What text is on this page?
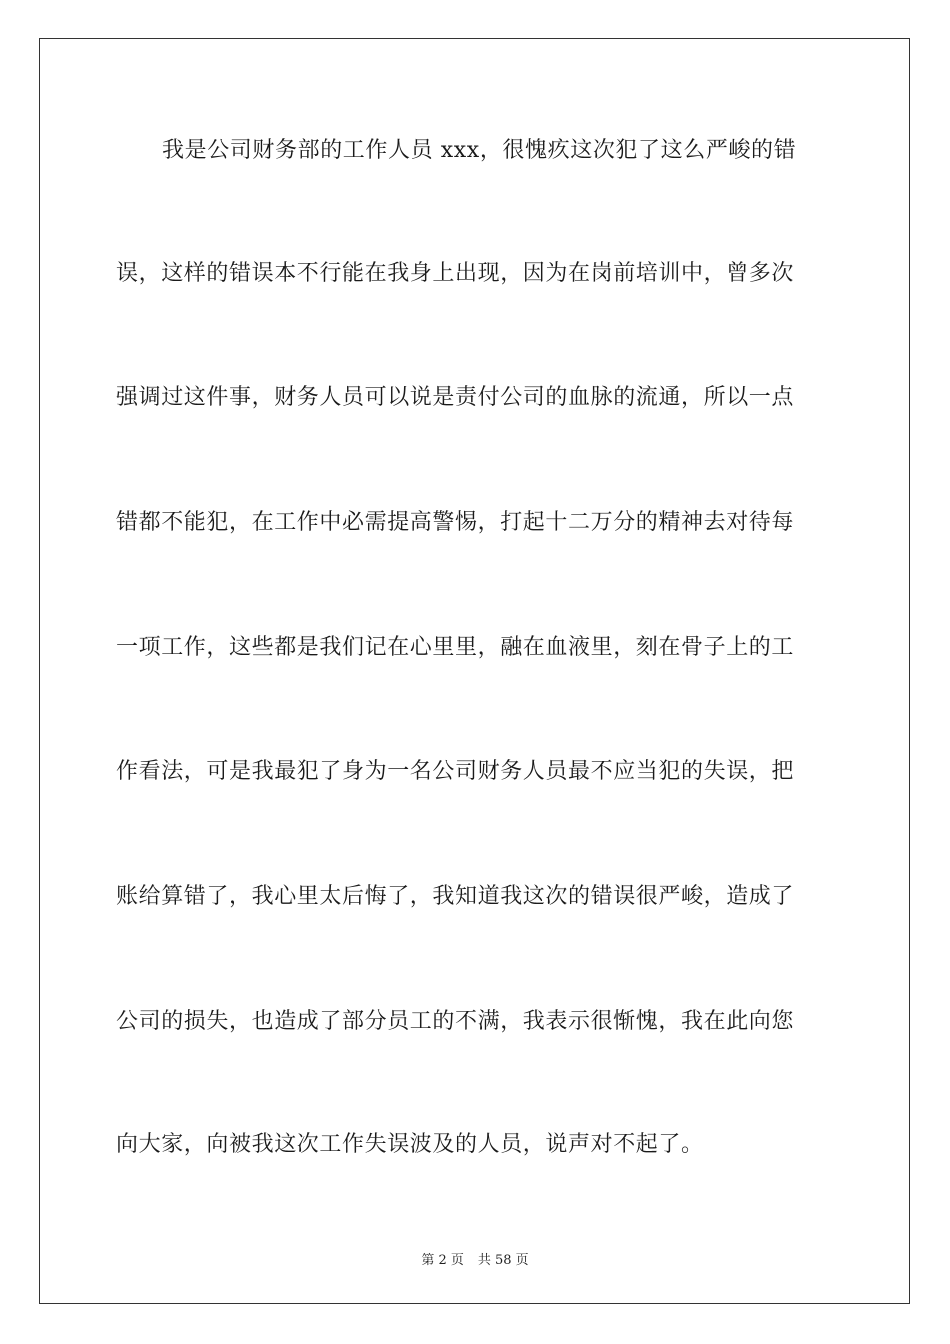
我是公司财务部的工作人员 xxx，很愧疚这次犯了这么严峻的错

误，这样的错误本不行能在我身上出现，因为在岗前培训中，曾多次

强调过这件事，财务人员可以说是责付公司的血脉的流通，所以一点

错都不能犯，在工作中必需提高警惕，打起十二万分的精神去对待每

一项工作，这些都是我们记在心里里，融在血液里，刻在骨子上的工

作看法，可是我最犯了身为一名公司财务人员最不应当犯的失误，把

账给算错了，我心里太后悔了，我知道我这次的错误很严峻，造成了

公司的损失，也造成了部分员工的不满，我表示很惭愧，我在此向您

向大家，向被我这次工作失误波及的人员，说声对不起了。

第 2 页 共 58 页
